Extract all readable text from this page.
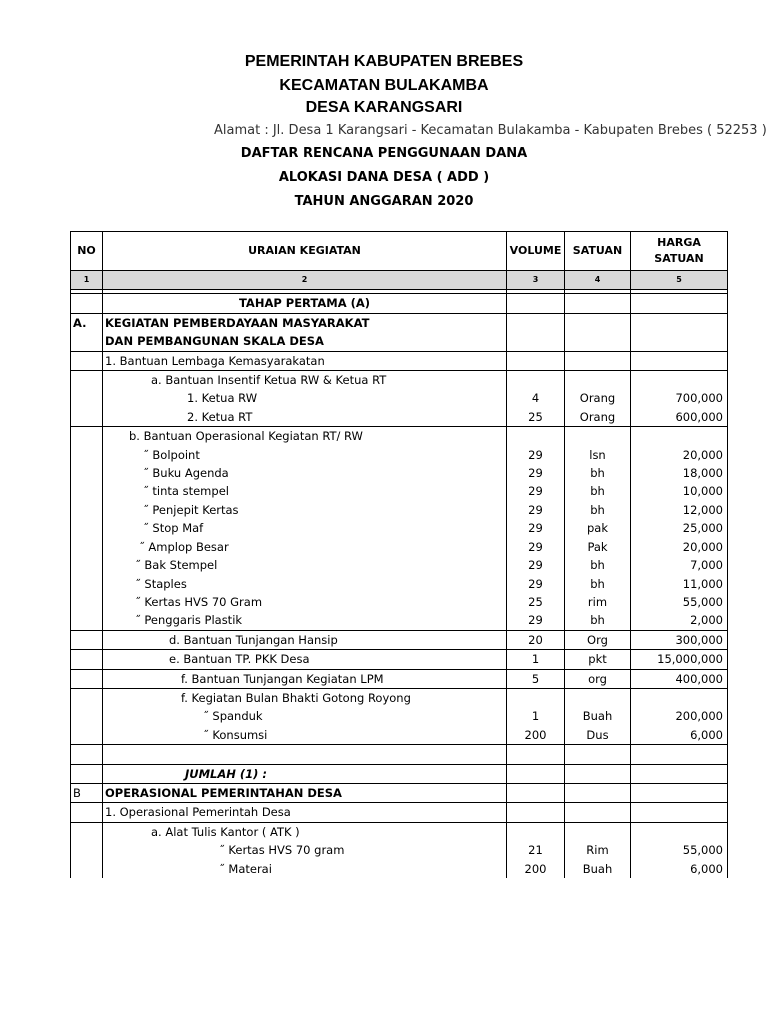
PEMERINTAH KABUPATEN BREBES
KECAMATAN BULAKAMBA
DESA KARANGSARI
Alamat : Jl. Desa 1 Karangsari - Kecamatan Bulakamba - Kabupaten Brebes ( 52253 )
DAFTAR RENCANA PENGGUNAAN DANA
ALOKASI DANA DESA ( ADD )
TAHUN ANGGARAN 2020
NO	URAIAN KEGIATAN	VOLUME	SATUAN	HARGA
SATUAN
1	2	3	4	5

	TAHAP PERTAMA (A)			
A.	KEGIATAN PEMBERDAYAAN MASYARAKAT			
	DAN PEMBANGUNAN SKALA DESA			
	1. Bantuan Lembaga Kemasyarakatan			
	a. Bantuan Insentif Ketua RW & Ketua RT			
	1. Ketua RW	4	Orang	700,000
	2. Ketua RT	25	Orang	600,000
	b. Bantuan Operasional Kegiatan RT/ RW			
	˝ Bolpoint	29	lsn	20,000
	˝ Buku Agenda	29	bh	18,000
	˝ tinta stempel	29	bh	10,000
	˝ Penjepit Kertas	29	bh	12,000
	˝ Stop Maf	29	pak	25,000
	˝ Amplop Besar	29	Pak	20,000
	˝ Bak Stempel	29	bh	7,000
	˝ Staples	29	bh	11,000
	˝ Kertas HVS 70 Gram	25	rim	55,000
	˝ Penggaris Plastik	29	bh	2,000
	d. Bantuan Tunjangan Hansip	20	Org	300,000
	e. Bantuan TP. PKK Desa	1	pkt	15,000,000
	f. Bantuan Tunjangan Kegiatan LPM	5	org	400,000
	f. Kegiatan Bulan Bhakti Gotong Royong			
	˝ Spanduk	1	Buah	200,000
	˝ Konsumsi	200	Dus	6,000

	JUMLAH (1) :			
B	OPERASIONAL PEMERINTAHAN DESA			
	1. Operasional Pemerintah Desa			
	a. Alat Tulis Kantor ( ATK )			
	˝ Kertas HVS 70 gram	21	Rim	55,000
	˝ Materai	200	Buah	6,000
